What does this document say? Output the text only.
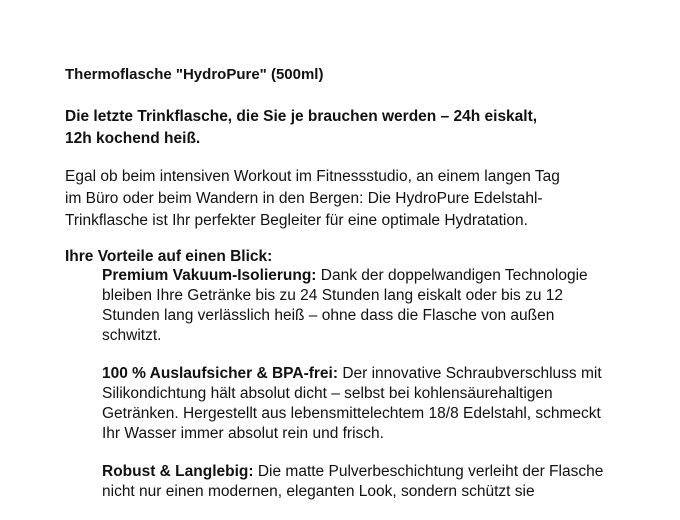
Thermoflasche "HydroPure" (500ml)

Die letzte Trinkflasche, die Sie je brauchen werden – 24h eiskalt, 12h kochend heiß.

Egal ob beim intensiven Workout im Fitnessstudio, an einem langen Tag im Büro oder beim Wandern in den Bergen: Die HydroPure Edelstahl-Trinkflasche ist Ihr perfekter Begleiter für eine optimale Hydratation.

Ihre Vorteile auf einen Blick:

Premium Vakuum-Isolierung: Dank der doppelwandigen Technologie bleiben Ihre Getränke bis zu 24 Stunden lang eiskalt oder bis zu 12 Stunden lang verlässlich heiß – ohne dass die Flasche von außen schwitzt.
100 % Auslaufsicher & BPA-frei: Der innovative Schraubverschluss mit Silikondichtung hält absolut dicht – selbst bei kohlensäurehaltigen Getränken. Hergestellt aus lebensmittelechtem 18/8 Edelstahl, schmeckt Ihr Wasser immer absolut rein und frisch.
Robust & Langlebig: Die matte Pulverbeschichtung verleiht der Flasche nicht nur einen modernen, eleganten Look, sondern schützt sie
